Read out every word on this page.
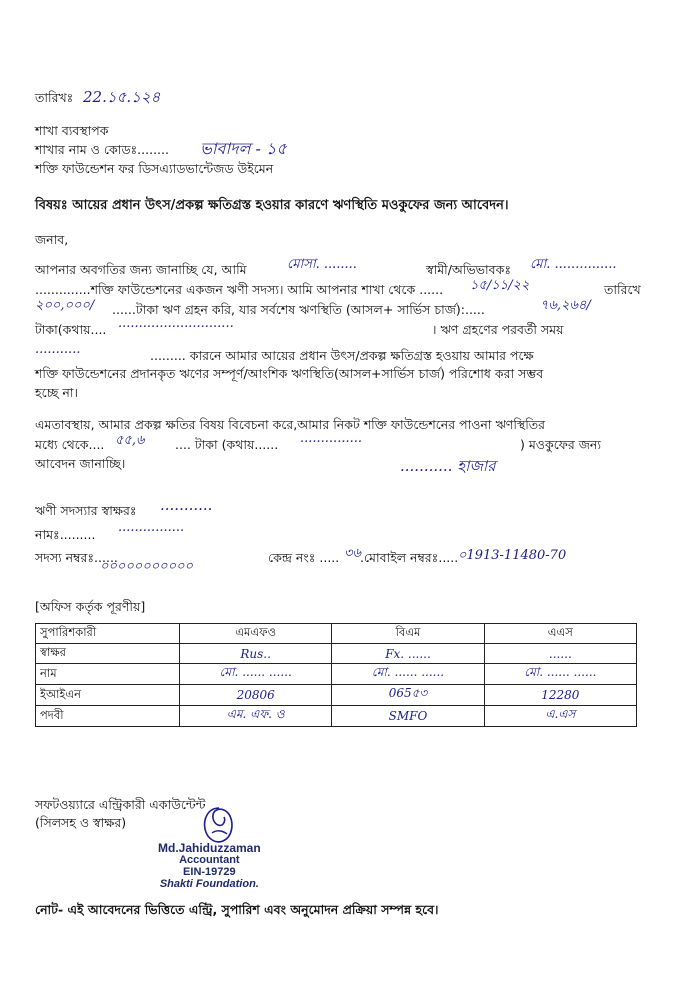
তারিখঃ 22.১৫.১২৪
শাখা ব্যবস্থাপক
শাখার নাম ও কোডঃ........ ভাবাদল - ১৫
শক্তি ফাউন্ডেশন ফর ডিসএ্যাডভান্টেজড উইমেন
বিষয়ঃ আয়ের প্রধান উৎস/প্রকল্প ক্ষতিগ্রস্ত হওয়ার কারণে ঋণস্থিতি মওকুফের জন্য আবেদন।
জনাব,
আপনার অবগতির জন্য জানাচ্ছি যে, আমি	মোসা. ........	স্বামী/অভিভাবকঃ মো. ...............
..............শক্তি ফাউন্ডেশনের একজন ঋণী সদস্য। আমি আপনার শাখা থেকে ...... ১৫/১১/২২	তারিখে
২০০,০০০/ ......টাকা ঋণ গ্রহন করি, যার সর্বশেষ ঋণস্থিতি (আসল+ সার্ভিস চার্জ):.....	৭৬,২৬৪/
টাকা(কথায়.... ............................	। ঋণ গ্রহণের পরবর্তী সময়
...........	......... কারনে আমার আয়ের প্রধান উৎস/প্রকল্প ক্ষতিগ্রস্ত হওয়ায় আমার পক্ষে
শক্তি ফাউন্ডেশনের প্রদানকৃত ঋণের সম্পূর্ণ/আংশিক ঋণস্থিতি(আসল+সার্ভিস চার্জ) পরিশোধ করা সম্ভব
হচ্ছে না।
এমতাবস্থায়, আমার প্রকল্প ক্ষতির বিষয় বিবেচনা করে,আমার নিকট শক্তি ফাউন্ডেশনের পাওনা ঋণস্থিতির
মধ্যে থেকে.... ৫৫,৬ .... টাকা (কথায়...... ...............	) মওকুফের জন্য
আবেদন জানাচ্ছি।	........... হাজার
ঋণী সদস্যার স্বাক্ষরঃ ...........
নামঃ......... ................
সদস্য নম্বরঃ......
০০০০০০০০০০০
কেন্দ্র নংঃ ..... ৩৬ .মোবাইল নম্বরঃ..... ০1913-11480-70
[অফিস কর্তৃক পূরণীয়]
সুপারিশকারী	এমএফও	বিএম	এএস
স্বাক্ষর	Rus..	Fx. ......	......
নাম	মো. ...... ......	মো. ...... ......	মো. ...... ......
ইআইএন	20806	065৫৩	12280
পদবী	এম. এফ. ও	SMFO	এ.এস
সফটওয়্যারে এন্ট্রিকারী একাউন্টেন্ট
(সিলসহ ও স্বাক্ষর)
Md.Jahiduzzaman
Accountant
EIN-19729
Shakti Foundation.
নোট- এই আবেদনের ভিত্তিতে এন্ট্রি, সুপারিশ এবং অনুমোদন প্রক্রিয়া সম্পন্ন হবে।
